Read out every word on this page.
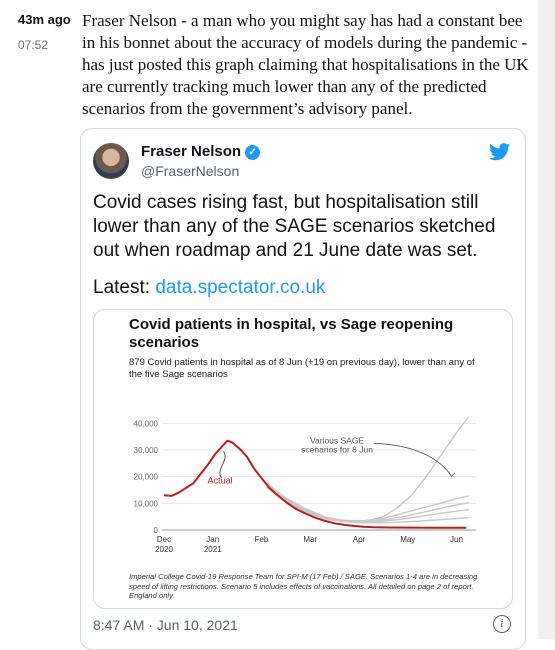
43m ago
07:52
Fraser Nelson - a man who you might say has had a constant bee in his bonnet about the accuracy of models during the pandemic - has just posted this graph claiming that hospitalisations in the UK are currently tracking much lower than any of the predicted scenarios from the government’s advisory panel.
Fraser Nelson ✓
@FraserNelson
Covid cases rising fast, but hospitalisation still lower than any of the SAGE scenarios sketched out when roadmap and 21 June date was set.
Latest: data.spectator.co.uk
Covid patients in hospital, vs Sage reopening scenarios
879 Covid patients in hospital as of 8 Jun (+19 on previous day), lower than any of the five Sage scenarios
0
10,000
20,000
30,000
40,000
Dec
2020
Jan
2021
Feb	Mar	Apr	May	Jun
Actual
Various SAGE
scenarios for 8 Jun
Imperial College Covid-19 Response Team for SPI-M (17 Feb) / SAGE. Scenarios 1-4 are in decreasing speed of lifting restrictions. Scenario 5 includes effects of vaccinations. All detailed on page 2 of report. England only
8:47 AM · Jun 10, 2021	i
